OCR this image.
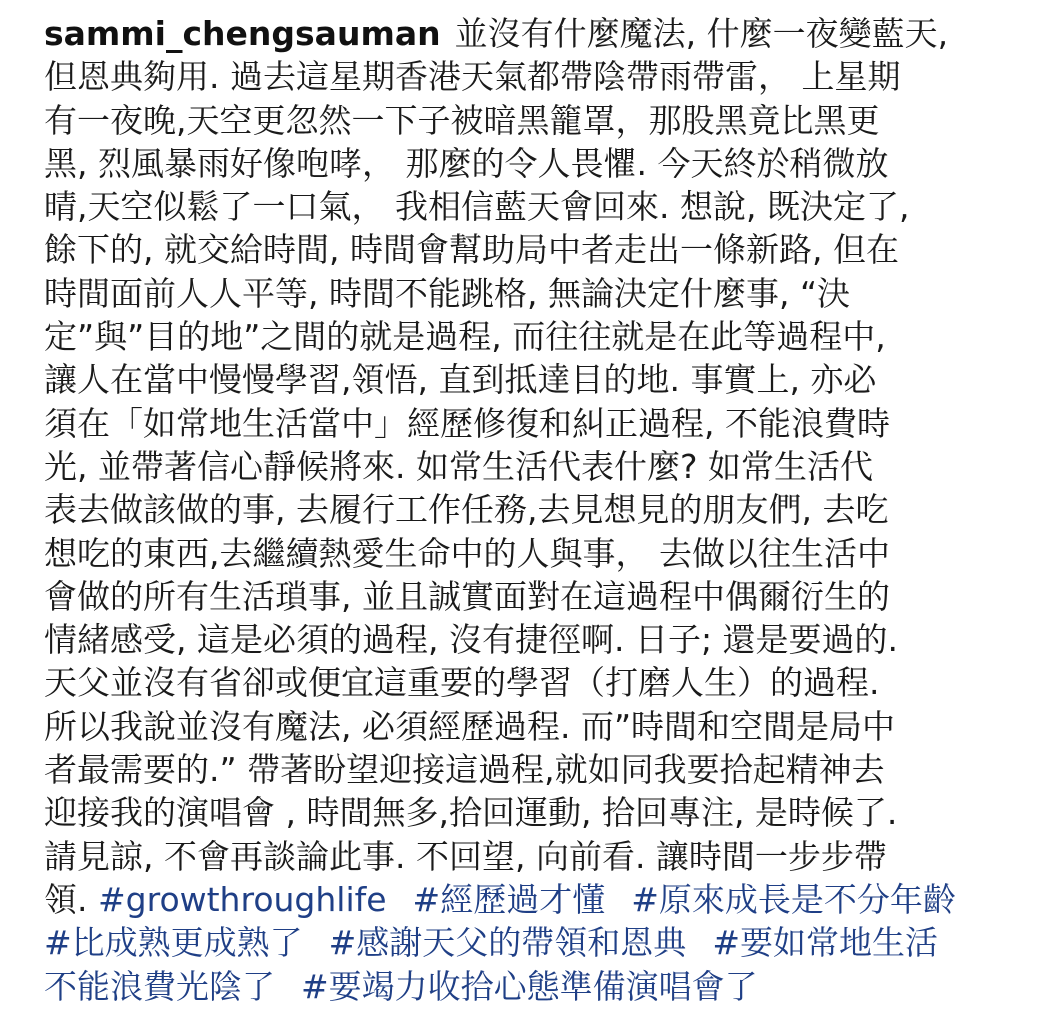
sammi_chengsauman 並沒有什麼魔法, 什麼一夜變藍天,
但恩典夠用. 過去這星期香港天氣都帶陰帶雨帶雷， 上星期
有一夜晚,天空更忽然一下子被暗黑籠罩，那股黑竟比黑更
黑, 烈風暴雨好像咆哮， 那麼的令人畏懼. 今天終於稍微放
晴,天空似鬆了一口氣， 我相信藍天會回來. 想說, 既決定了,
餘下的, 就交給時間, 時間會幫助局中者走出一條新路, 但在
時間面前人人平等, 時間不能跳格, 無論決定什麼事, “決
定”與”目的地”之間的就是過程, 而往往就是在此等過程中,
讓人在當中慢慢學習,領悟, 直到抵達目的地. 事實上, 亦必
須在「如常地生活當中」經歷修復和糾正過程, 不能浪費時
光, 並帶著信心靜候將來. 如常生活代表什麼? 如常生活代
表去做該做的事, 去履行工作任務,去見想見的朋友們, 去吃
想吃的東西,去繼續熱愛生命中的人與事， 去做以往生活中
會做的所有生活瑣事, 並且誠實面對在這過程中偶爾衍生的
情緒感受, 這是必須的過程, 沒有捷徑啊. 日子; 還是要過的.
天父並沒有省卻或便宜這重要的學習（打磨人生）的過程.
所以我說並沒有魔法, 必須經歷過程. 而”時間和空間是局中
者最需要的.” 帶著盼望迎接這過程,就如同我要拾起精神去
迎接我的演唱會 , 時間無多,拾回運動, 拾回專注, 是時候了.
請見諒, 不會再談論此事. 不回望, 向前看. 讓時間一步步帶
領. #growthroughlife #經歷過才懂 #原來成長是不分年齡
#比成熟更成熟了 #感謝天父的帶領和恩典 #要如常地生活
不能浪費光陰了 #要竭力收拾心態準備演唱會了
